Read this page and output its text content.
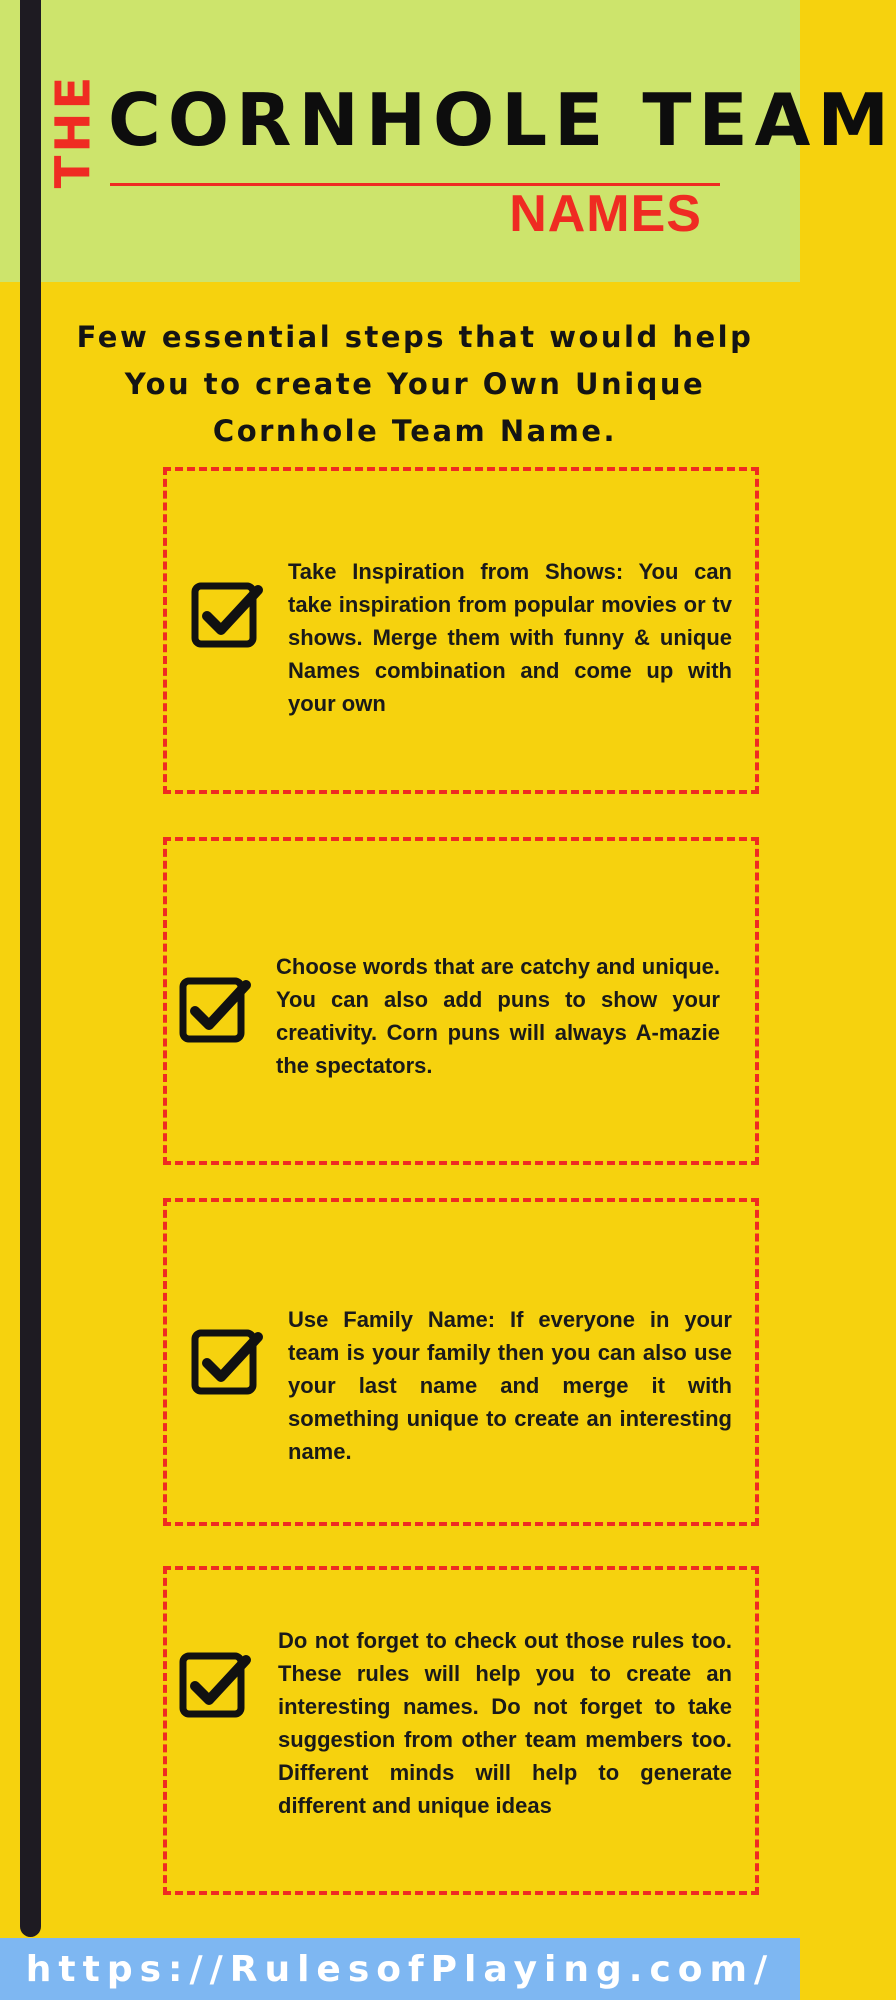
THE CORNHOLE TEAM
NAMES
Few essential steps that would help You to create Your Own Unique Cornhole Team Name.
Take Inspiration from Shows: You can take inspiration from popular movies or tv shows. Merge them with funny & unique Names combination and come up with your own
Choose words that are catchy and unique. You can also add puns to show your creativity. Corn puns will always A-mazie the spectators.
Use Family Name: If everyone in your team is your family then you can also use your last name and merge it with something unique to create an interesting name.
Do not forget to check out those rules too. These rules will help you to create an interesting names. Do not forget to take suggestion from other team members too. Different minds will help to generate different and unique ideas
https://RulesofPlaying.com/
